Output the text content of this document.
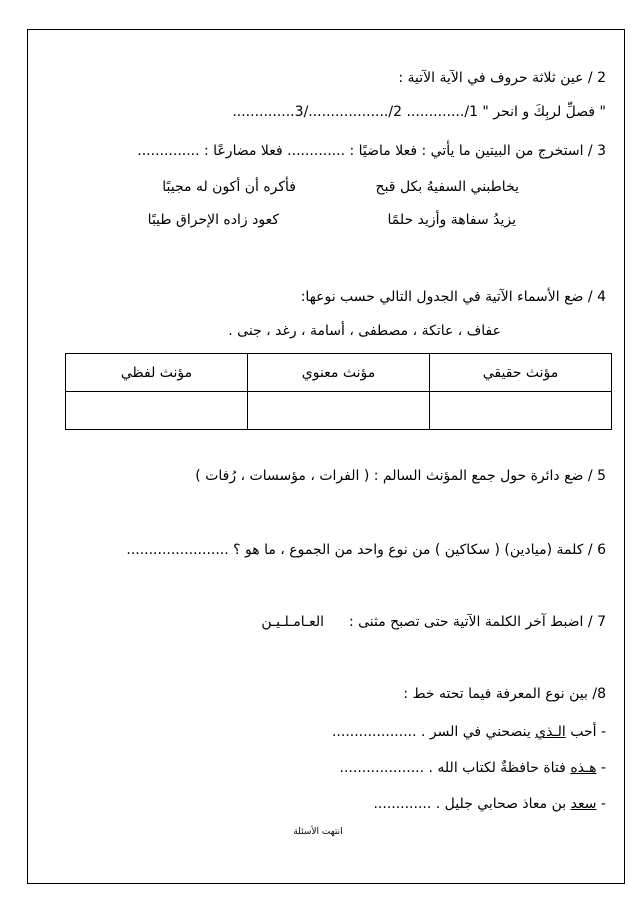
2 / عين ثلاثة حروف في الآية الآتية :
" فصلِّ لربِكَ و انحر " 1/............. 2/................../3..............
3 / استخرج من البيتين ما يأتي : فعلا ماضيًا : ............. فعلا مضارعًا : ..............
يخاطبني السفيهُ بكل قبح
فأكره أن أكون له مجيبًا
يزيدُ سفاهة وأزيد حلمًا
كعود زاده الإحراق طيبًا
4 / ضع الأسماء الآتية في الجدول التالي حسب نوعها:
عفاف ، عاتكة ، مصطفى ، أسامة ، رغد ، جنى .
مؤنث حقيقي	مؤنث معنوي	مؤنث لفظي

5 / ضع دائرة حول جمع المؤنث السالم : ( الفرات ، مؤسسات ، رُفات )
6 / كلمة (ميادين) ( سكاكين ) من نوع واحد من الجموع ، ما هو ؟ .......................
7 / اضبط آخر الكلمة الآتية حتى تصبح مثنى :  العـامـلـيـن
8/ بين نوع المعرفة فيما تحته خط :
- أحب الـذي ينصحني في السر . ...................
- هـذه فتاة حافظةٌ لكتاب الله . ...................
- سعد بن معاذ صحابي جليل . .............
انتهت الأسئلة
